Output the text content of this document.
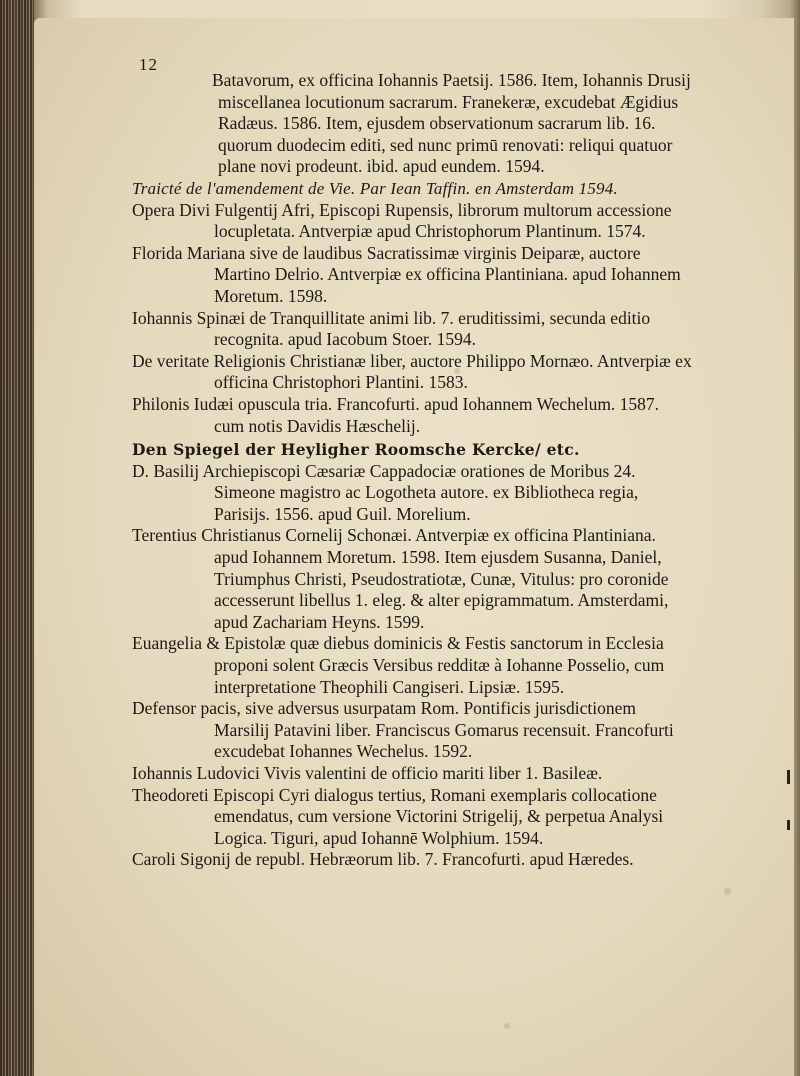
12

Batavorum, ex officina Iohannis Paetsij. 1586. Item, Iohannis Drusij miscellanea locutionum sacrarum. Franekeræ, excudebat Ægidius Radæus. 1586. Item, ejusdem observationum sacrarum lib. 16. quorum duodecim editi, sed nunc primū renovati: reliqui quatuor plane novi prodeunt. ibid. apud eundem. 1594.

Traicté de l'amendement de Vie. Par Iean Taffin. en Amsterdam 1594.

Opera Divi Fulgentij Afri, Episcopi Rupensis, librorum multorum accessione locupletata. Antverpiæ apud Christophorum Plantinum. 1574.

Florida Mariana sive de laudibus Sacratissimæ virginis Deiparæ, auctore Martino Delrio. Antverpiæ ex officina Plantiniana. apud Iohannem Moretum. 1598.

Iohannis Spinæi de Tranquillitate animi lib. 7. eruditissimi, secunda editio recognita. apud Iacobum Stoer. 1594.

De veritate Religionis Christianæ liber, auctore Philippo Mornæo. Antverpiæ ex officina Christophori Plantini. 1583.

Philonis Iudæi opuscula tria. Francofurti. apud Iohannem Wechelum. 1587. cum notis Davidis Hæschelij.

Den Spiegel der Heyligher Roomsche Kercke/ etc.

D. Basilij Archiepiscopi Cæsariæ Cappadociæ orationes de Moribus 24. Simeone magistro ac Logotheta autore. ex Bibliotheca regia, Parisijs. 1556. apud Guil. Morelium.

Terentius Christianus Cornelij Schonæi. Antverpiæ ex officina Plantiniana. apud Iohannem Moretum. 1598. Item ejusdem Susanna, Daniel, Triumphus Christi, Pseudostratiotæ, Cunæ, Vitulus: pro coronide accesserunt libellus 1. eleg. & alter epigrammatum. Amsterdami, apud Zachariam Heyns. 1599.

Euangelia & Epistolæ quæ diebus dominicis & Festis sanctorum in Ecclesia proponi solent Græcis Versibus redditæ à Iohanne Posselio, cum interpretatione Theophili Cangiseri. Lipsiæ. 1595.

Defensor pacis, sive adversus usurpatam Rom. Pontificis jurisdictionem Marsilij Patavini liber. Franciscus Gomarus recensuit. Francofurti excudebat Iohannes Wechelus. 1592.

Iohannis Ludovici Vivis valentini de officio mariti liber 1. Basileæ.

Theodoreti Episcopi Cyri dialogus tertius, Romani exemplaris collocatione emendatus, cum versione Victorini Strigelij, & perpetua Analysi Logica. Tiguri, apud Iohannē Wolphium. 1594.

Caroli Sigonij de republ. Hebræorum lib. 7. Francofurti. apud Hæredes.
